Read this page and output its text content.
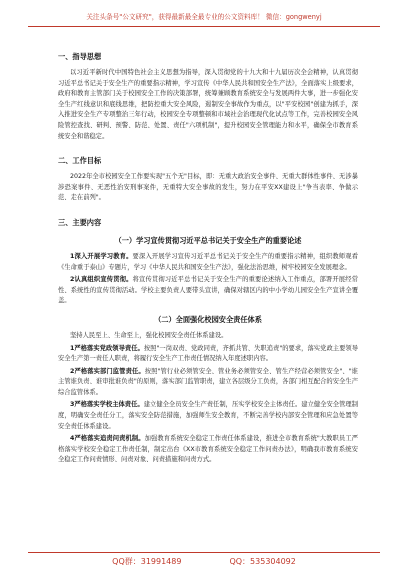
关注头条号"公文研究"，获得最新最全最专业的公文资料库！ 微信：gongwenyj
一、指导思想

以习近平新时代中国特色社会主义思想为指导，深入贯彻党的十九大和十九届历次全会精神，认真贯彻习近平总书记关于安全生产的重要指示精神，学习宣传《中华人民共和国安全生产法》，全面落实上级要求，政府和教育主管部门关于校园安全工作的决策部署，统筹兼顾教育系统安全与发展两件大事，进一步强化安全生产红线意识和底线思维，把防控重大安全风险，遏制安全事故作为重点，以"平安校园"创建为抓手，深入推进安全生产专项整治三年行动，校园安全专项整顿和市域社会治理现代化试点等工作，完善校园安全风险管控查找、研判、预警、防范、处置、责任"六项机制"，提升校园安全管理能力和水平，确保全市教育系统安全和谐稳定。

二、工作目标

2022年全市校园安全工作要实现"五个无"目标，即：无重大政治安全事件、无重大群体性事件、无涉暴涉恐案事件、无恶性治安刑事案件，无重特大安全事故的发生，努力在平安XX建设上"争当表率、争做示范、走在前列"。

三、主要内容
（一）学习宣传贯彻习近平总书记关于安全生产的重要论述

1深入开展学习教育。要深入开展学习宣传习近平总书记关于安全生产的重要指示精神，组织教师观看《生命重于泰山》专题片，学习《中华人民共和国安全生产法》，强化法治思维，树牢校园安全发展理念。

2认真组织宣传贯彻。将宣传贯彻习近平总书记关于安全生产的重要论述纳入工作重点，部署开展经常性、系统性的宣传贯彻活动。学校主要负责人要带头宣讲，确保对辖区内的中小学幼儿园安全生产宣讲全覆盖。

（二）全面强化校园安全责任体系

坚持人民至上、生命至上，强化校园安全责任体系建设。

1严格落实党政领导责任。按照"一岗双责、党政同责，齐抓共管、失职追责"的要求，落实党政主要领导安全生产第一责任人职责，将履行安全生产工作责任情况纳入年度述职内容。

2严格落实部门监管责任。按照"管行业必须管安全、管业务必须管安全、管生产经营必须管安全"、"谁主管谁负责、谁审批谁负责"的原则，落实部门监管职责，建立各层级分工负责，各部门相互配合的安全生产综合监管体系。

3严格落实学校主体责任。建立健全全员安全生产责任制，压实学校安全主体责任。建立健全安全管理制度，明确安全责任分工，落实安全防范措施，加强师生安全教育，不断完善学校内部安全管理和应急处置等安全责任体系建设。

4严格落实追责问责机制。加强教育系统安全稳定工作责任体系建设，推进全市教育系统"大教职员工严格落实学校安全稳定工作责任制，制定出台《XX市教育系统安全稳定工作问责办法》，明确我市教育系统安全稳定工作问责情形、问责对象、问责措施和问责方式。

QQ群：31991489	QQ：535304092
